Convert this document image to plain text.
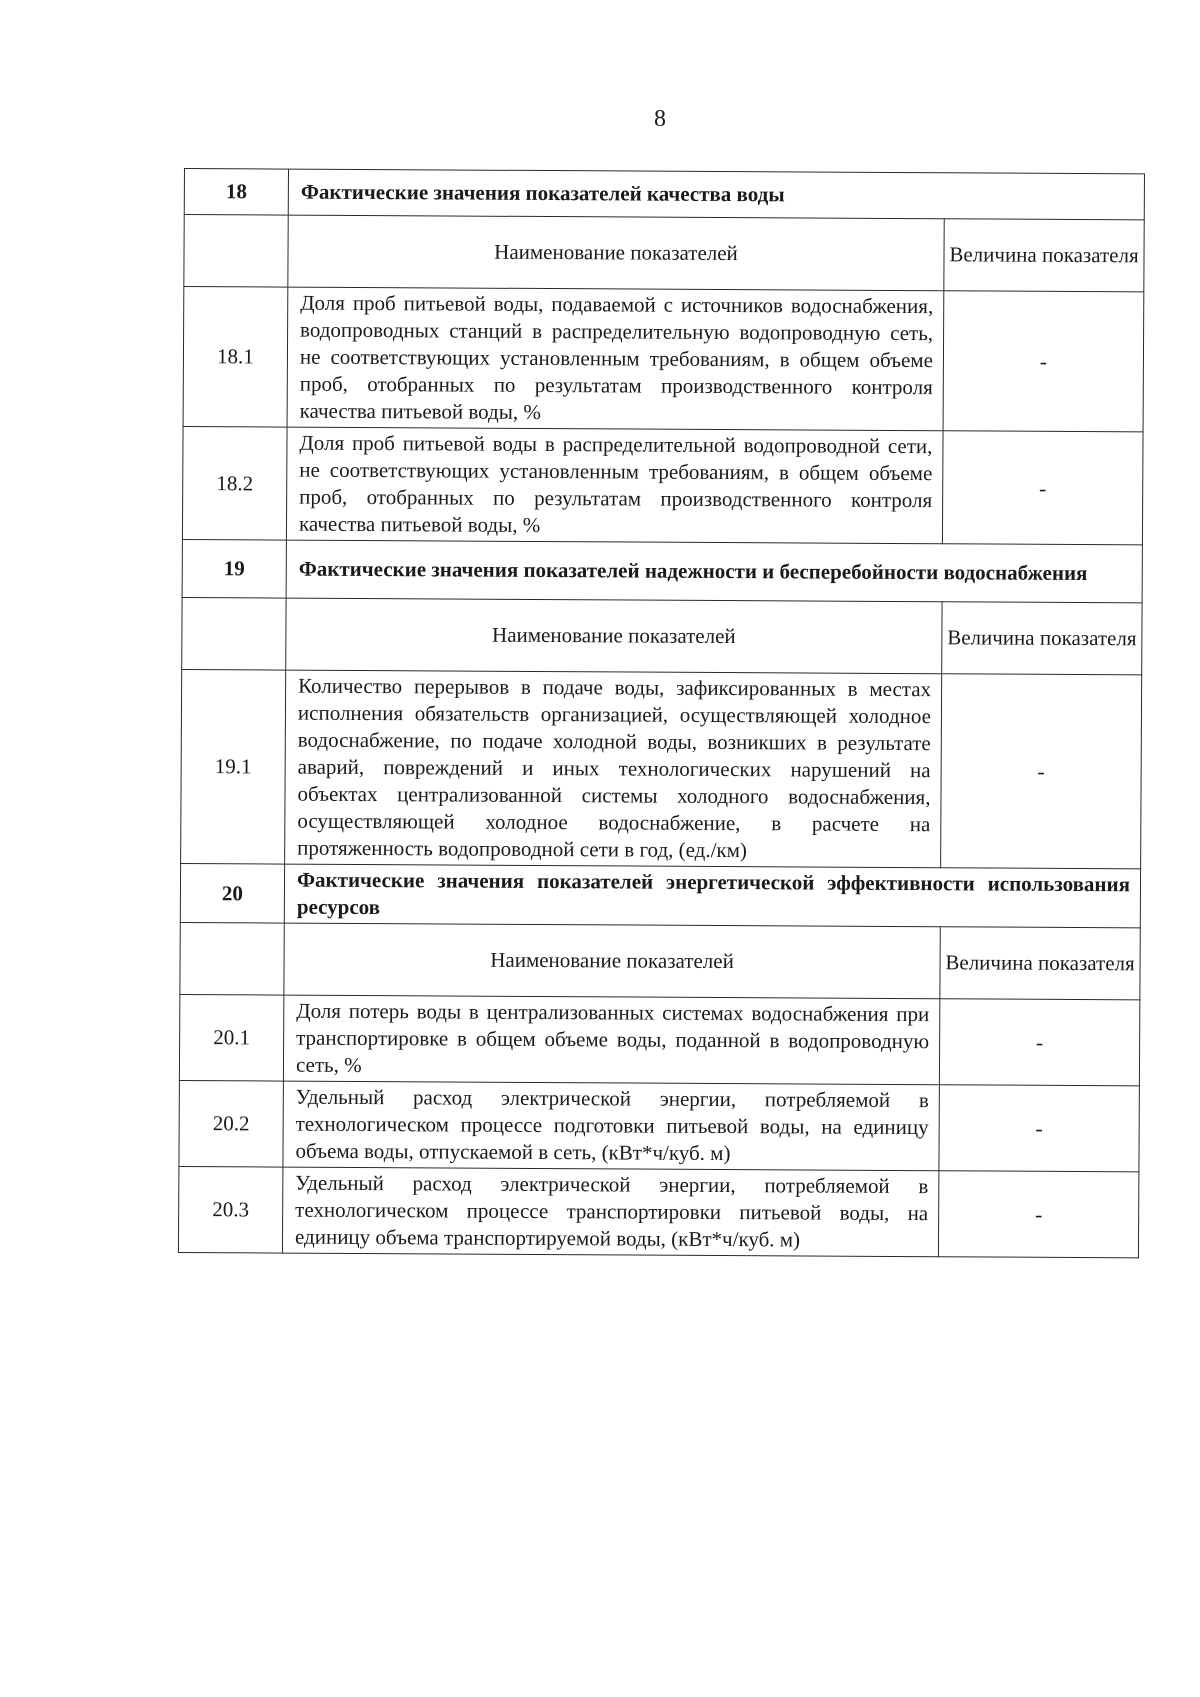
8
18	Фактические значения показателей качества воды	
	Наименование показателей	Величина показателя
18.1	Доля проб питьевой воды, подаваемой с источников водоснабжения, водопроводных станций в распределительную водопроводную сеть, не соответствующих установленным требованиям, в общем объеме проб, отобранных по результатам производственного контроля качества питьевой воды, %	-
18.2	Доля проб питьевой воды в распределительной водопроводной сети, не соответствующих установленным требованиям, в общем объеме проб, отобранных по результатам производственного контроля качества питьевой воды, %	-
19	Фактические значения показателей надежности и бесперебойности водоснабжения	
	Наименование показателей	Величина показателя
19.1	Количество перерывов в подаче воды, зафиксированных в местах исполнения обязательств организацией, осуществляющей холодное водоснабжение, по подаче холодной воды, возникших в результате аварий, повреждений и иных технологических нарушений на объектах централизованной системы холодного водоснабжения, осуществляющей холодное водоснабжение, в расчете на протяженность водопроводной сети в год, (ед./км)	-
20	Фактические значения показателей энергетической эффективности использования ресурсов	
	Наименование показателей	Величина показателя
20.1	Доля потерь воды в централизованных системах водоснабжения при транспортировке в общем объеме воды, поданной в водопроводную сеть, %	-
20.2	Удельный расход электрической энергии, потребляемой в технологическом процессе подготовки питьевой воды, на единицу объема воды, отпускаемой в сеть, (кВт*ч/куб. м)	-
20.3	Удельный расход электрической энергии, потребляемой в технологическом процессе транспортировки питьевой воды, на единицу объема транспортируемой воды, (кВт*ч/куб. м)	-
